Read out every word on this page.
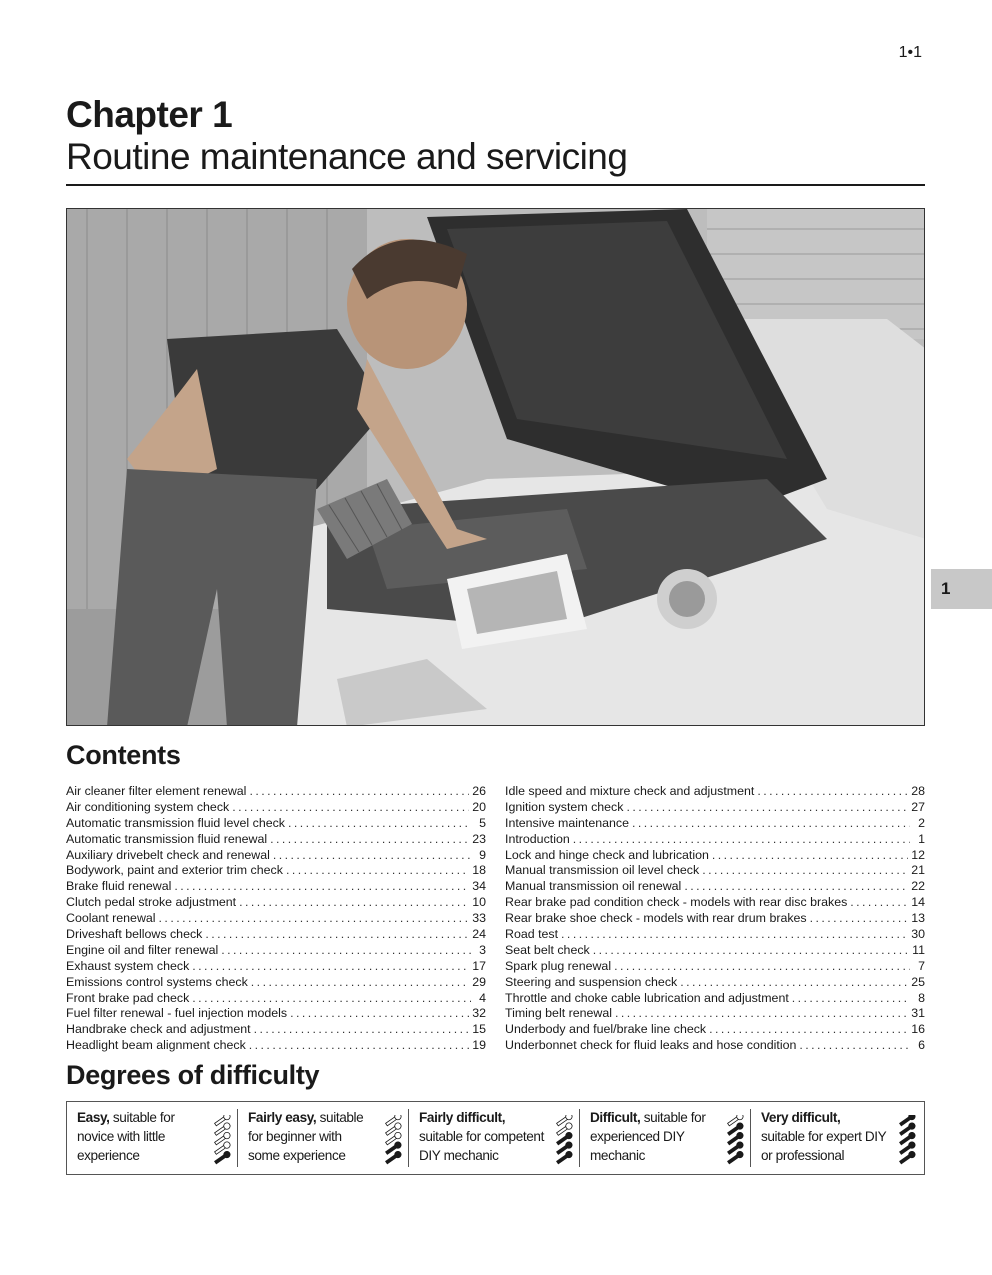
1•1
Chapter 1
Routine maintenance and servicing
1
Contents
Air cleaner filter element renewal . . .	26
Air conditioning system check . . .	20
Automatic transmission fluid level check . . .	5
Automatic transmission fluid renewal . . .	23
Auxiliary drivebelt check and renewal . . .	9
Bodywork, paint and exterior trim check . . .	18
Brake fluid renewal . . .	34
Clutch pedal stroke adjustment . . .	10
Coolant renewal . . .	33
Driveshaft bellows check . . .	24
Engine oil and filter renewal . . .	3
Exhaust system check . . .	17
Emissions control systems check . . .	29
Front brake pad check . . .	4
Fuel filter renewal - fuel injection models . . .	32
Handbrake check and adjustment . . .	15
Headlight beam alignment check . . .	19
Idle speed and mixture check and adjustment . . .	28
Ignition system check . . .	27
Intensive maintenance . . .	2
Introduction . . .	1
Lock and hinge check and lubrication . . .	12
Manual transmission oil level check . . .	21
Manual transmission oil renewal . . .	22
Rear brake pad condition check - models with rear disc brakes . . .	14
Rear brake shoe check - models with rear drum brakes . . .	13
Road test . . .	30
Seat belt check . . .	11
Spark plug renewal . . .	7
Steering and suspension check . . .	25
Throttle and choke cable lubrication and adjustment . . .	8
Timing belt renewal . . .	31
Underbody and fuel/brake line check . . .	16
Underbonnet check for fluid leaks and hose condition . . .	6
Degrees of difficulty
Easy, suitable for
novice with little
experience
Fairly easy, suitable
for beginner with
some experience
Fairly difficult,
suitable for competent
DIY mechanic
Difficult, suitable for
experienced DIY
mechanic
Very difficult,
suitable for expert DIY
or professional
